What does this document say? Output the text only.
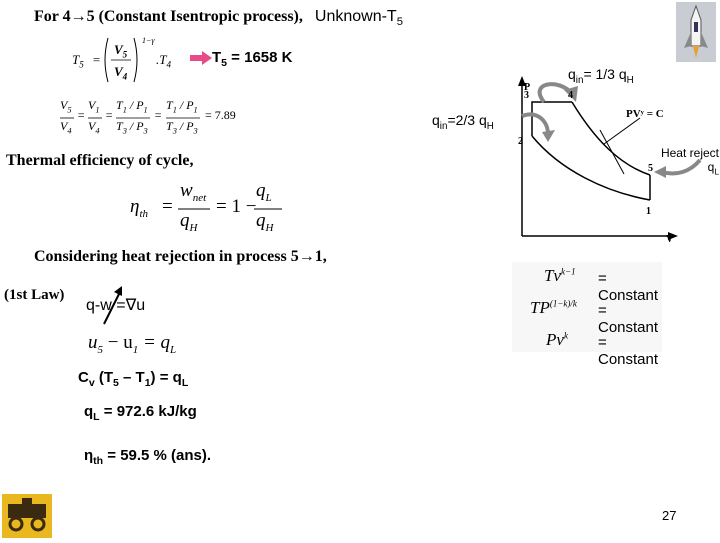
For 4→5 (Constant Isentropic process), Unknown-$T_5$
$T_5$ =
$V_5$
$V_4$
1−γ
$.T_4$	$T_5 = 1658$ K
$V_5$
$V_4$
=
$V_1$
$V_4$
=
$T_1 / P_1$
$T_3 / P_3$
=
$T_1 / P_1$
$T_3 / P_3$
= 7.89
Thermal efficiency of cycle,
$\eta_{th}$ =
$w_{net}$
$q_H$
= 1 −
$q_L$
$q_H$
Considering heat rejection in process 5→1,
(1st Law)
q-w =∇u
$u_5 - u_1 = q_L$
$C_v$ $(T_5 - T_1) = q_L$
$q_L = 972.6$ kJ/kg
$\eta_{th} = 59.5$ % (ans).
P
V
1
2
3	4
5
PVʸ = C
$q_{in}= 1/3$ $q_H$
$q_{in}=2/3$ $q_H$
Heat reject
$q_L$
$Tv^{k-1}$ = Constant
$TP^{(1-k)/k}$ = Constant
$Pv^k$ = Constant
27
